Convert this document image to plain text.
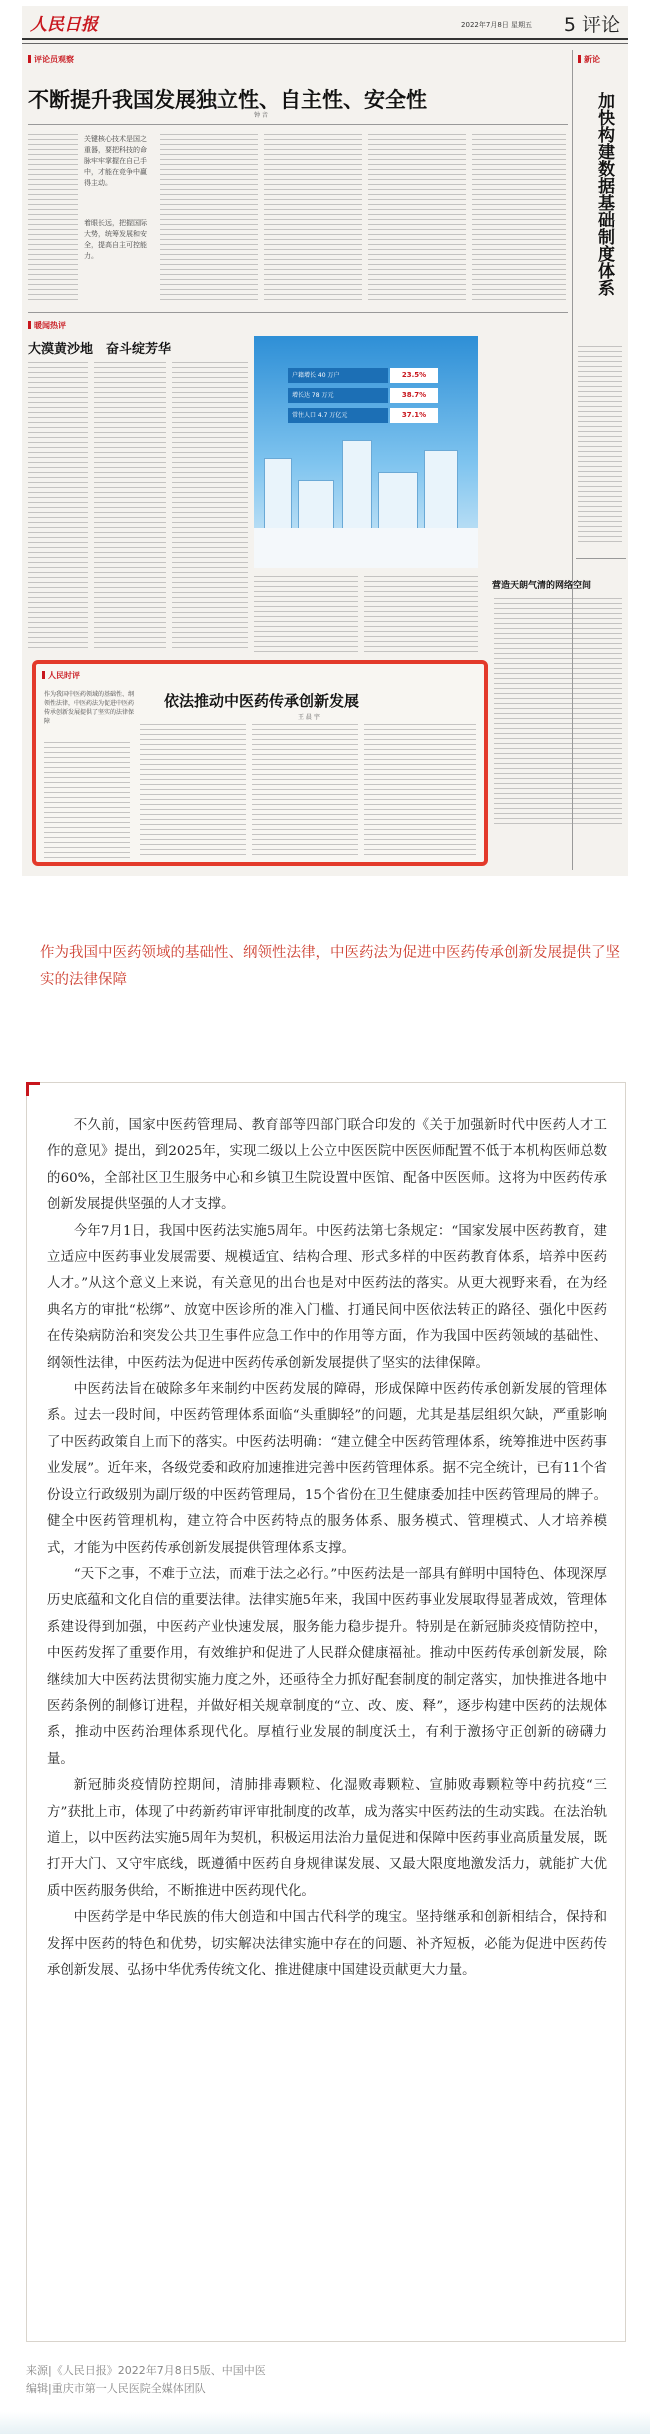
人民日报	2022年7月8日 星期五 5 评论
评论员观察
不断提升我国发展独立性、自主性、安全性
钟 音
关键核心技术是国之重器，要把科技的命脉牢牢掌握在自己手中，才能在竞争中赢得主动。
着眼长远，把握国际大势，统筹发展和安全，提高自主可控能力。
新论
加快构建数据基础制度体系
营造天朗气清的网络空间
暖闻热评
大漠黄沙地　奋斗绽芳华
户籍增长 40 万户	23.5%
增长达 78 万元	38.7%
常住人口 4.7 万亿元	37.1%
人民时评
作为我国中医药领域的基础性、纲领性法律，中医药法为促进中医药传承创新发展提供了坚实的法律保障
依法推动中医药传承创新发展
王 晨 宇

作为我国中医药领域的基础性、纲领性法律，中医药法为促进中医药传承创新发展提供了坚实的法律保障

不久前，国家中医药管理局、教育部等四部门联合印发的《关于加强新时代中医药人才工作的意见》提出，到2025年，实现二级以上公立中医医院中医医师配置不低于本机构医师总数的60%，全部社区卫生服务中心和乡镇卫生院设置中医馆、配备中医医师。这将为中医药传承创新发展提供坚强的人才支撑。

今年7月1日，我国中医药法实施5周年。中医药法第七条规定：“国家发展中医药教育，建立适应中医药事业发展需要、规模适宜、结构合理、形式多样的中医药教育体系，培养中医药人才。”从这个意义上来说，有关意见的出台也是对中医药法的落实。从更大视野来看，在为经典名方的审批“松绑”、放宽中医诊所的准入门槛、打通民间中医依法转正的路径、强化中医药在传染病防治和突发公共卫生事件应急工作中的作用等方面，作为我国中医药领域的基础性、纲领性法律，中医药法为促进中医药传承创新发展提供了坚实的法律保障。

中医药法旨在破除多年来制约中医药发展的障碍，形成保障中医药传承创新发展的管理体系。过去一段时间，中医药管理体系面临“头重脚轻”的问题，尤其是基层组织欠缺，严重影响了中医药政策自上而下的落实。中医药法明确：“建立健全中医药管理体系，统筹推进中医药事业发展”。近年来，各级党委和政府加速推进完善中医药管理体系。据不完全统计，已有11个省份设立行政级别为副厅级的中医药管理局，15个省份在卫生健康委加挂中医药管理局的牌子。健全中医药管理机构，建立符合中医药特点的服务体系、服务模式、管理模式、人才培养模式，才能为中医药传承创新发展提供管理体系支撑。

“天下之事，不难于立法，而难于法之必行。”中医药法是一部具有鲜明中国特色、体现深厚历史底蕴和文化自信的重要法律。法律实施5年来，我国中医药事业发展取得显著成效，管理体系建设得到加强，中医药产业快速发展，服务能力稳步提升。特别是在新冠肺炎疫情防控中，中医药发挥了重要作用，有效维护和促进了人民群众健康福祉。推动中医药传承创新发展，除继续加大中医药法贯彻实施力度之外，还亟待全力抓好配套制度的制定落实，加快推进各地中医药条例的制修订进程，并做好相关规章制度的“立、改、废、释”，逐步构建中医药的法规体系，推动中医药治理体系现代化。厚植行业发展的制度沃土，有利于激扬守正创新的磅礴力量。

新冠肺炎疫情防控期间，清肺排毒颗粒、化湿败毒颗粒、宣肺败毒颗粒等中药抗疫“三方”获批上市，体现了中药新药审评审批制度的改革，成为落实中医药法的生动实践。在法治轨道上，以中医药法实施5周年为契机，积极运用法治力量促进和保障中医药事业高质量发展，既打开大门、又守牢底线，既遵循中医药自身规律谋发展、又最大限度地激发活力，就能扩大优质中医药服务供给，不断推进中医药现代化。

中医药学是中华民族的伟大创造和中国古代科学的瑰宝。坚持继承和创新相结合，保持和发挥中医药的特色和优势，切实解决法律实施中存在的问题、补齐短板，必能为促进中医药传承创新发展、弘扬中华优秀传统文化、推进健康中国建设贡献更大力量。

来源|《人民日报》2022年7月8日5版、中国中医
编辑|重庆市第一人民医院全媒体团队
